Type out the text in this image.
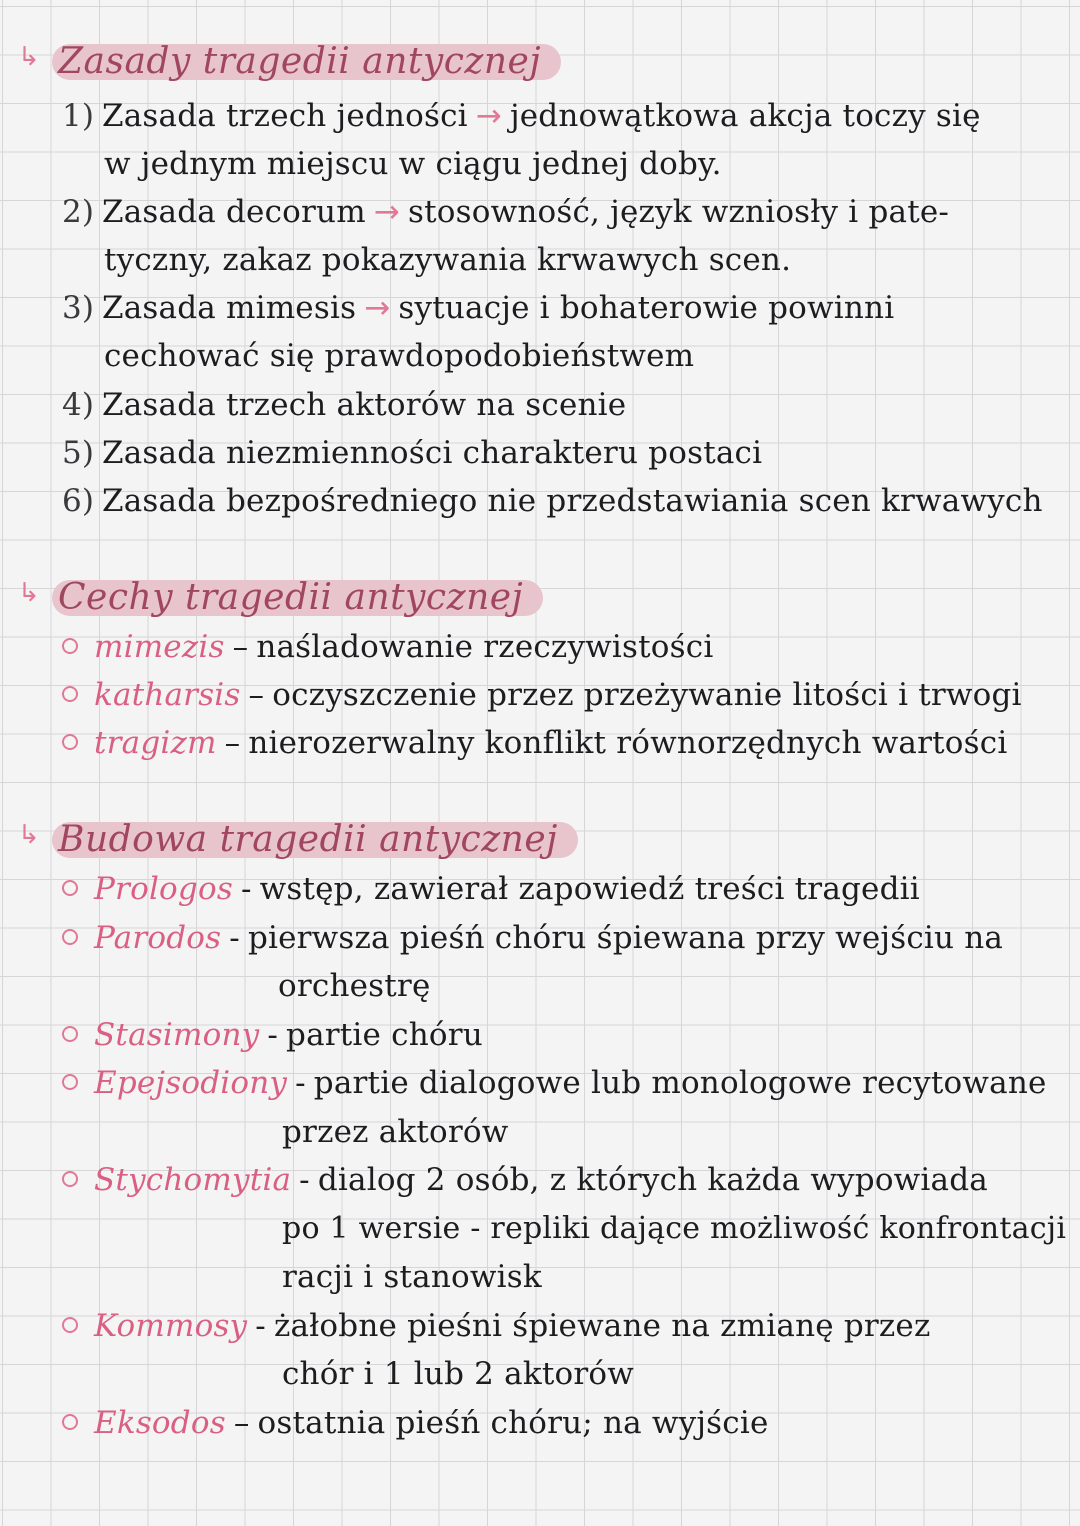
↳ Zasady tragedii antycznej
1) Zasada trzech jedności → jednowątkowa akcja toczy się
w jednym miejscu w ciągu jednej doby.
2) Zasada decorum → stosowność, język wzniosły i pate-
tyczny, zakaz pokazywania krwawych scen.
3) Zasada mimesis → sytuacje i bohaterowie powinni
cechować się prawdopodobieństwem
4) Zasada trzech aktorów na scenie
5) Zasada niezmienności charakteru postaci
6) Zasada bezpośredniego nie przedstawiania scen krwawych
↳ Cechy tragedii antycznej
mimezis – naśladowanie rzeczywistości
katharsis – oczyszczenie przez przeżywanie litości i trwogi
tragizm – nierozerwalny konflikt równorzędnych wartości
↳ Budowa tragedii antycznej
Prologos - wstęp, zawierał zapowiedź treści tragedii
Parodos - pierwsza pieśń chóru śpiewana przy wejściu na
orchestrę
Stasimony - partie chóru
Epejsodiony - partie dialogowe lub monologowe recytowane
przez aktorów
Stychomytia - dialog 2 osób, z których każda wypowiada
po 1 wersie - repliki dające możliwość konfrontacji
racji i stanowisk
Kommosy - żałobne pieśni śpiewane na zmianę przez
chór i 1 lub 2 aktorów
Eksodos – ostatnia pieśń chóru; na wyjście
